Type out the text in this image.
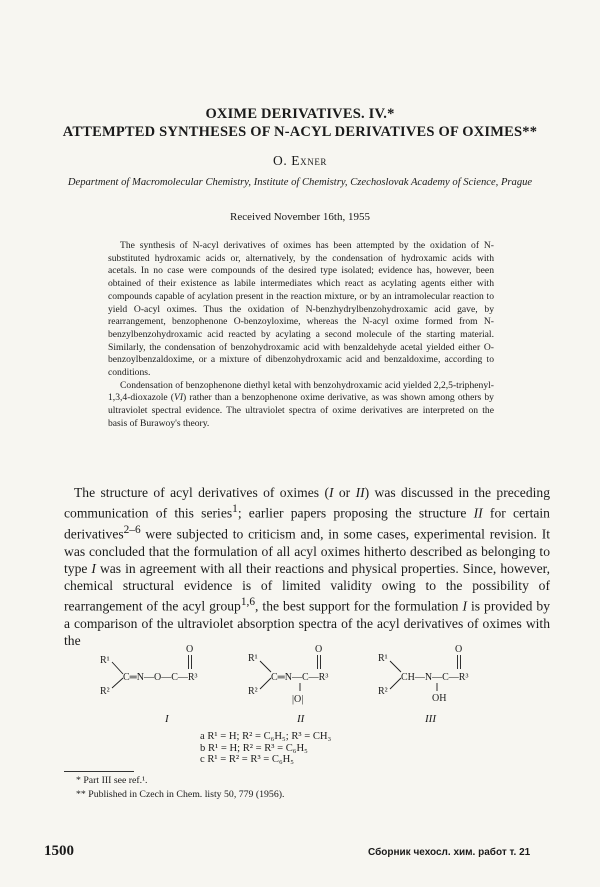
OXIME DERIVATIVES. IV.*
ATTEMPTED SYNTHESES OF N-ACYL DERIVATIVES OF OXIMES**
O. Exner
Department of Macromolecular Chemistry, Institute of Chemistry, Czechoslovak Academy of Science, Prague
Received November 16th, 1955

The synthesis of N-acyl derivatives of oximes has been attempted by the oxidation of N-substituted hydroxamic acids or, alternatively, by the condensation of hydroxamic acids with acetals. In no case were compounds of the desired type isolated; evidence has, however, been obtained of their existence as labile intermediates which react as acylating agents either with compounds capable of acylation present in the reaction mixture, or by an intramolecular reaction to yield O-acyl oximes. Thus the oxidation of N-benzhydrylbenzohydroxamic acid gave, by rearrangement, benzophenone O-benzoyloxime, whereas the N-acyl oxime formed from N-benzylbenzohydroxamic acid reacted by acylating a second molecule of the starting material. Similarly, the condensation of benzohydroxamic acid with benzaldehyde acetal yielded either O-benzoylbenzaldoxime, or a mixture of dibenzohydroxamic acid and benzaldoxime, according to conditions.

Condensation of benzophenone diethyl ketal with benzohydroxamic acid yielded 2,2,5-triphenyl-1,3,4-dioxazole (VI) rather than a benzophenone oxime derivative, as was shown among others by ultraviolet spectral evidence. The ultraviolet spectra of oxime derivatives are interpreted on the basis of Burawoy's theory.

The structure of acyl derivatives of oximes (I or II) was discussed in the preceding communication of this series$^1$; earlier papers proposing the structure II for certain derivatives$^{2-6}$ were subjected to criticism and, in some cases, experimental revision. It was concluded that the formulation of all acyl oximes hitherto described as belonging to type I was in agreement with all their reactions and physical properties. Since, however, chemical structural evidence is of limited validity owing to the possibility of rearrangement of the acyl group$^{1,6}$, the best support for the formulation I is provided by a comparison of the ultraviolet absorption spectra of the acyl derivatives of oximes with the

R¹
R²
C═N—O—C—R³
O
I
R¹
R²
C═N—C—R³
O
|O|
II
R¹
R²
CH—N—C—R³
O
OH
III
a R¹ = H; R² = C₆H₅; R³ = CH₃
b R¹ = H; R² = R³ = C₆H₅
c R¹ = R² = R³ = C₆H₅
* Part III see ref.¹.
** Published in Czech in Chem. listy 50, 779 (1956).
1500	Сборник чехосл. хим. работ т. 21
